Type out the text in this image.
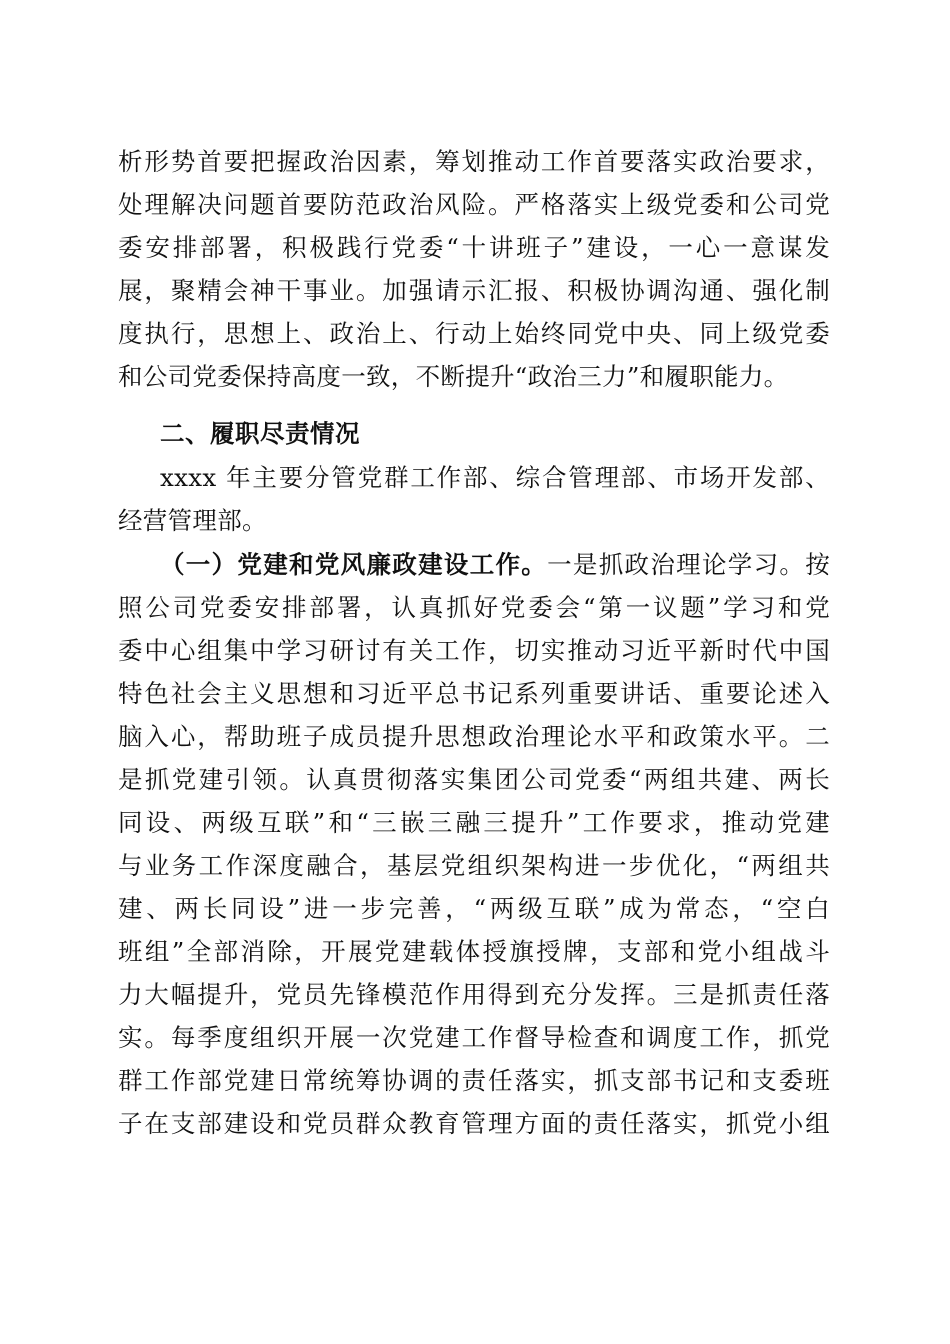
析形势首要把握政治因素，筹划推动工作首要落实政治要求，
处理解决问题首要防范政治风险。严格落实上级党委和公司党
委安排部署，积极践行党委“十讲班子”建设，一心一意谋发
展，聚精会神干事业。加强请示汇报、积极协调沟通、强化制
度执行，思想上、政治上、行动上始终同党中央、同上级党委
和公司党委保持高度一致，不断提升“政治三力”和履职能力。
二、履职尽责情况
xxxx 年主要分管党群工作部、综合管理部、市场开发部、
经营管理部。
（一）党建和党风廉政建设工作。一是抓政治理论学习。按
照公司党委安排部署，认真抓好党委会“第一议题”学习和党
委中心组集中学习研讨有关工作，切实推动习近平新时代中国
特色社会主义思想和习近平总书记系列重要讲话、重要论述入
脑入心，帮助班子成员提升思想政治理论水平和政策水平。二
是抓党建引领。认真贯彻落实集团公司党委“两组共建、两长
同设、两级互联”和“三嵌三融三提升”工作要求，推动党建
与业务工作深度融合，基层党组织架构进一步优化，“两组共
建、两长同设”进一步完善，“两级互联”成为常态，“空白
班组”全部消除，开展党建载体授旗授牌，支部和党小组战斗
力大幅提升，党员先锋模范作用得到充分发挥。三是抓责任落
实。每季度组织开展一次党建工作督导检查和调度工作，抓党
群工作部党建日常统筹协调的责任落实，抓支部书记和支委班
子在支部建设和党员群众教育管理方面的责任落实，抓党小组
